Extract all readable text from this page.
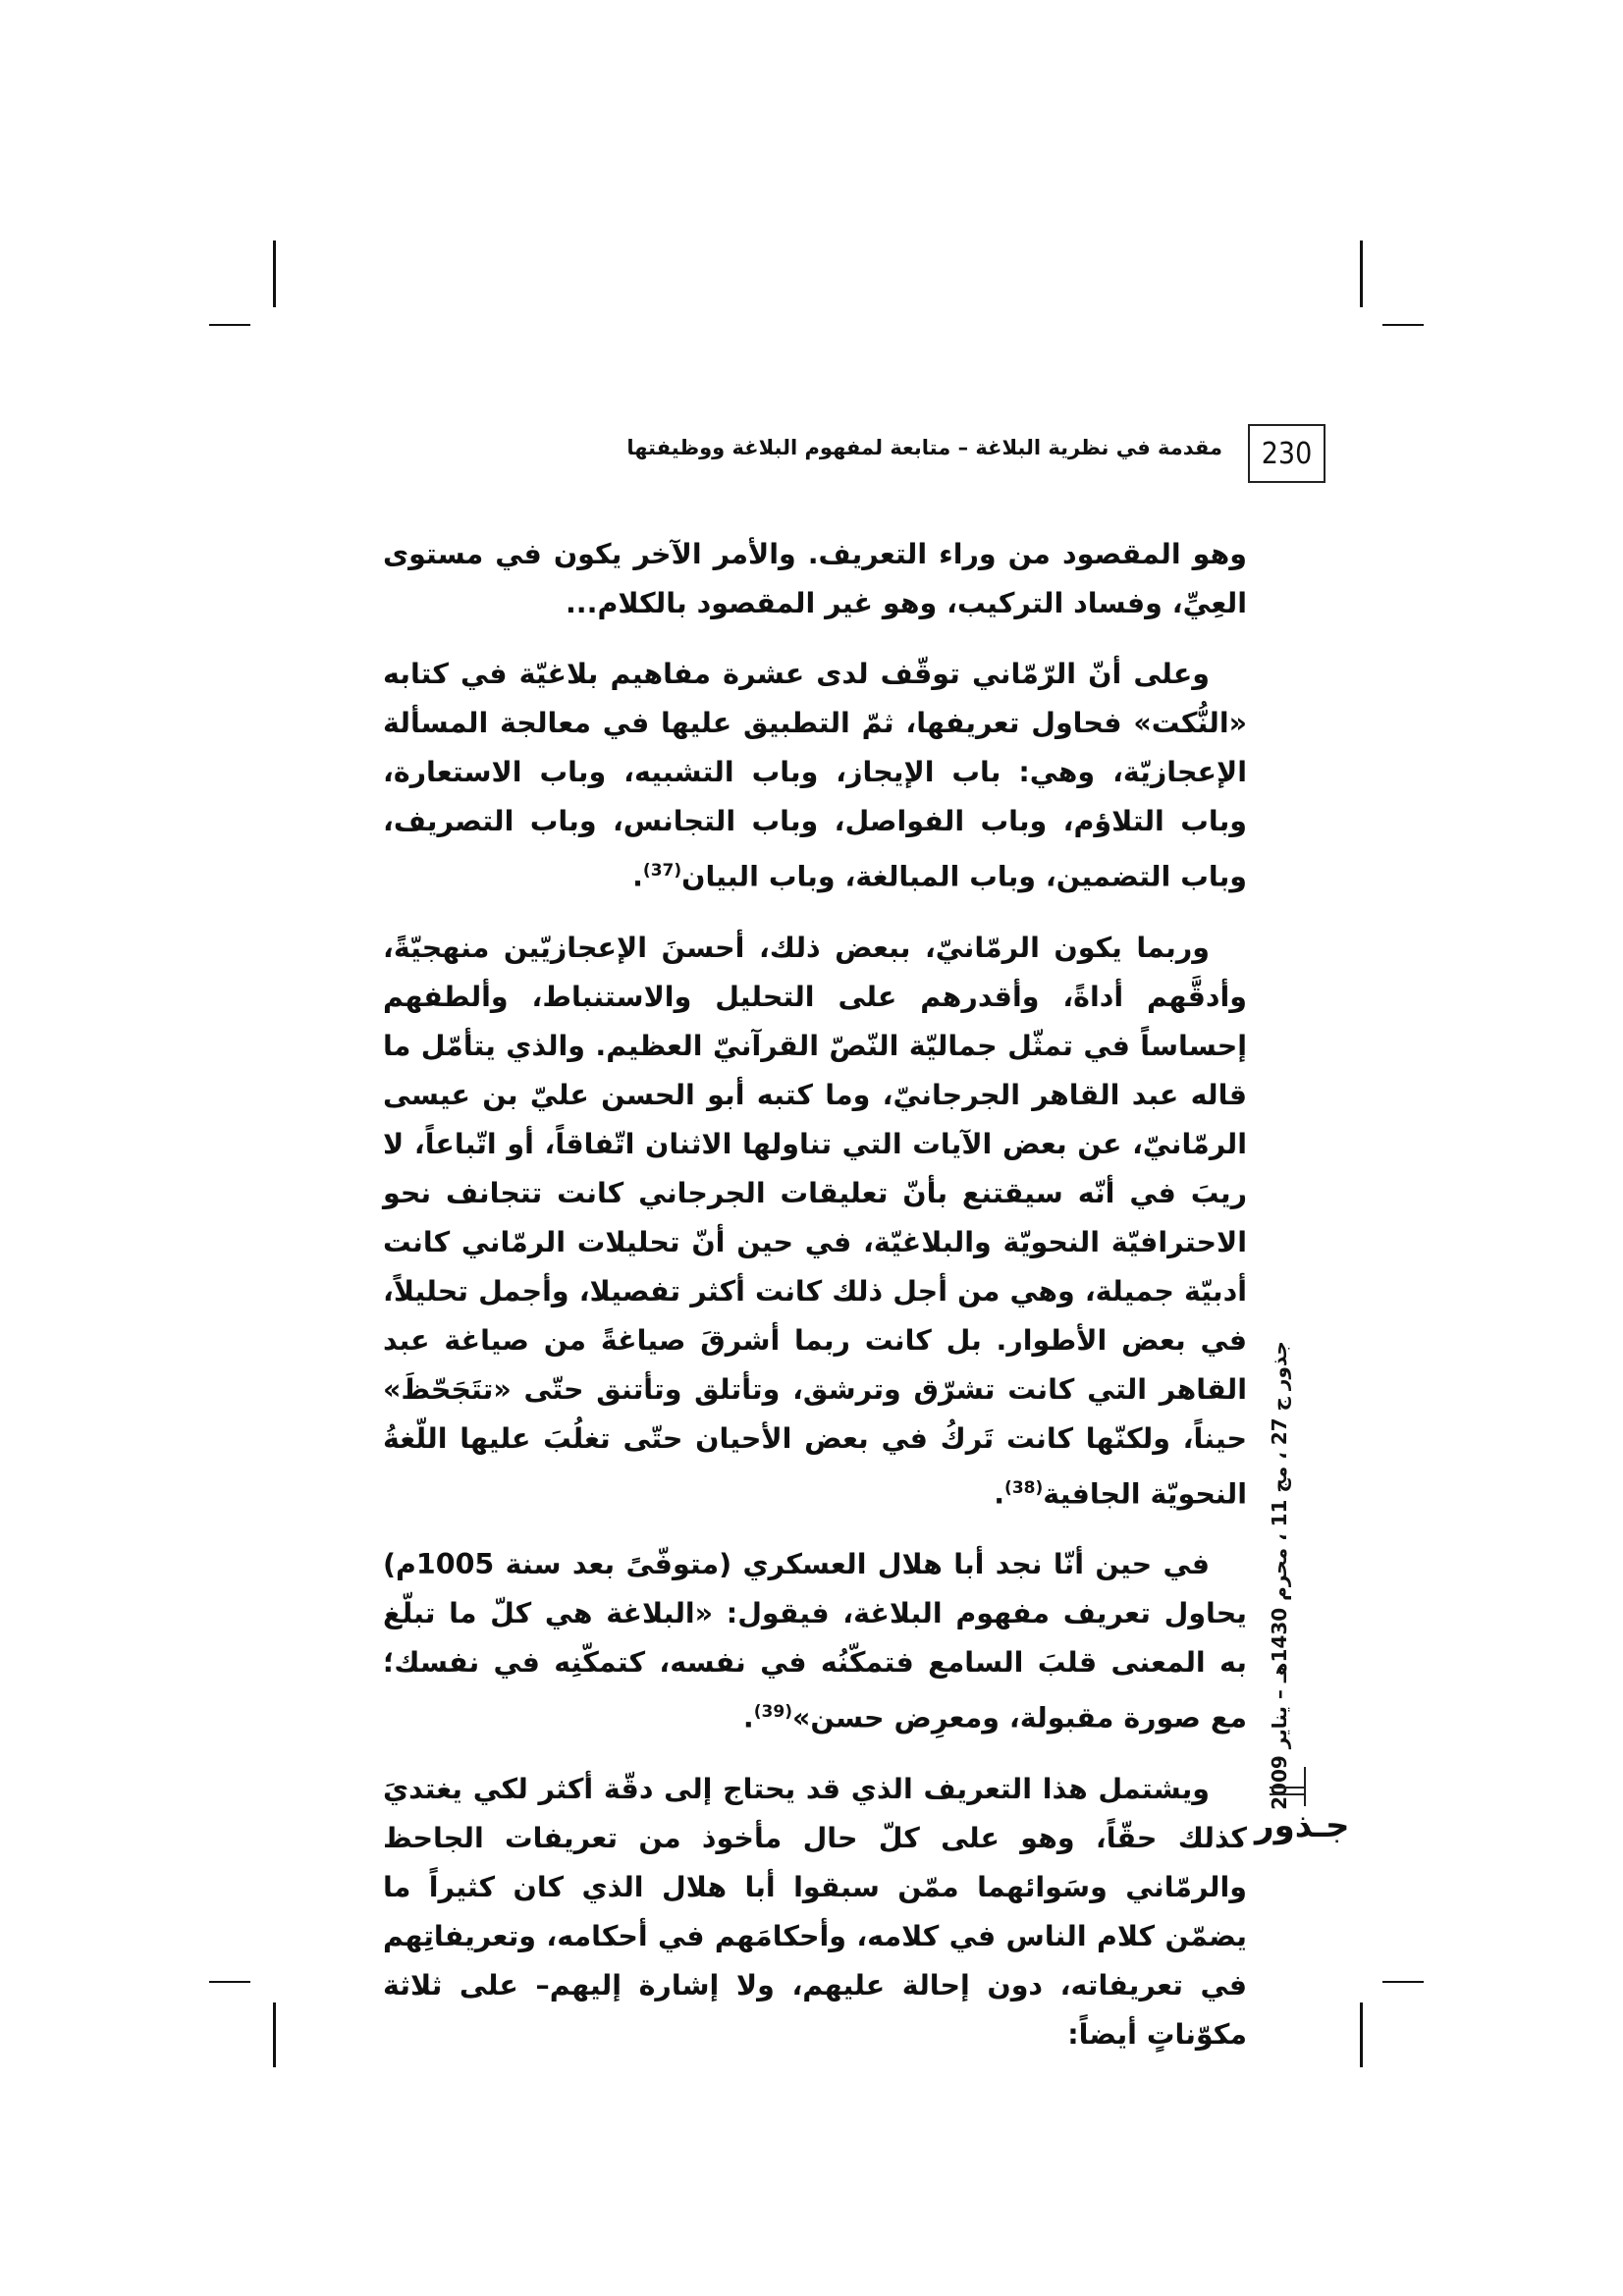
230
مقدمة في نظرية البلاغة – متابعة لمفهوم البلاغة ووظيفتها

وهو المقصود من وراء التعريف. والأمر الآخر يكون في مستوى العِيِّ، وفساد التركيب، وهو غير المقصود بالكلام...

وعلى أنّ الرّمّاني توقّف لدى عشرة مفاهيم بلاغيّة في كتابه «النُّكت» فحاول تعريفها، ثمّ التطبيق عليها في معالجة المسألة الإعجازيّة، وهي: باب الإيجاز، وباب التشبيه، وباب الاستعارة، وباب التلاؤم، وباب الفواصل، وباب التجانس، وباب التصريف، وباب التضمين، وباب المبالغة، وباب البيان$^{(37)}$.

وربما يكون الرمّانيّ، ببعض ذلك، أحسنَ الإعجازيّين منهجيّةً، وأدقَّهم أداةً، وأقدرهم على التحليل والاستنباط، وألطفهم إحساساً في تمثّل جماليّة النّصّ القرآنيّ العظيم. والذي يتأمّل ما قاله عبد القاهر الجرجانيّ، وما كتبه أبو الحسن عليّ بن عيسى الرمّانيّ، عن بعض الآيات التي تناولها الاثنان اتّفاقاً، أو اتّباعاً، لا ريبَ في أنّه سيقتنع بأنّ تعليقات الجرجاني كانت تتجانف نحو الاحترافيّة النحويّة والبلاغيّة، في حين أنّ تحليلات الرمّاني كانت أدبيّة جميلة، وهي من أجل ذلك كانت أكثر تفصيلا، وأجمل تحليلاً، في بعض الأطوار. بل كانت ربما أشرقَ صياغةً من صياغة عبد القاهر التي كانت تشرّق وترشق، وتأتلق وتأتنق حتّى «تتَجَحّظَ» حيناً، ولكنّها كانت تَركُ في بعض الأحيان حتّى تغلُبَ عليها اللّغةُ النحويّة الجافية$^{(38)}$.

في حين أنّا نجد أبا هلال العسكري (متوفّىً بعد سنة 1005م) يحاول تعريف مفهوم البلاغة، فيقول: «البلاغة هي كلّ ما تبلّغ به المعنى قلبَ السامع فتمكّنُه في نفسه، كتمكّنِه في نفسك؛ مع صورة مقبولة، ومعرِض حسن»$^{(39)}$.

ويشتمل هذا التعريف الذي قد يحتاج إلى دقّة أكثر لكي يغتديَ كذلك حقّاً، وهو على كلّ حال مأخوذ من تعريفات الجاحظ والرمّاني وسَوائهما ممّن سبقوا أبا هلال الذي كان كثيراً ما يضمّن كلام الناس في كلامه، وأحكامَهم في أحكامه، وتعريفاتِهم في تعريفاته، دون إحالة عليهم، ولا إشارة إليهم– على ثلاثة مكوّناتٍ أيضاً:

جذور ج 27 ، مج 11 ، محرم 1430هـ – يناير 2009
جـذور
